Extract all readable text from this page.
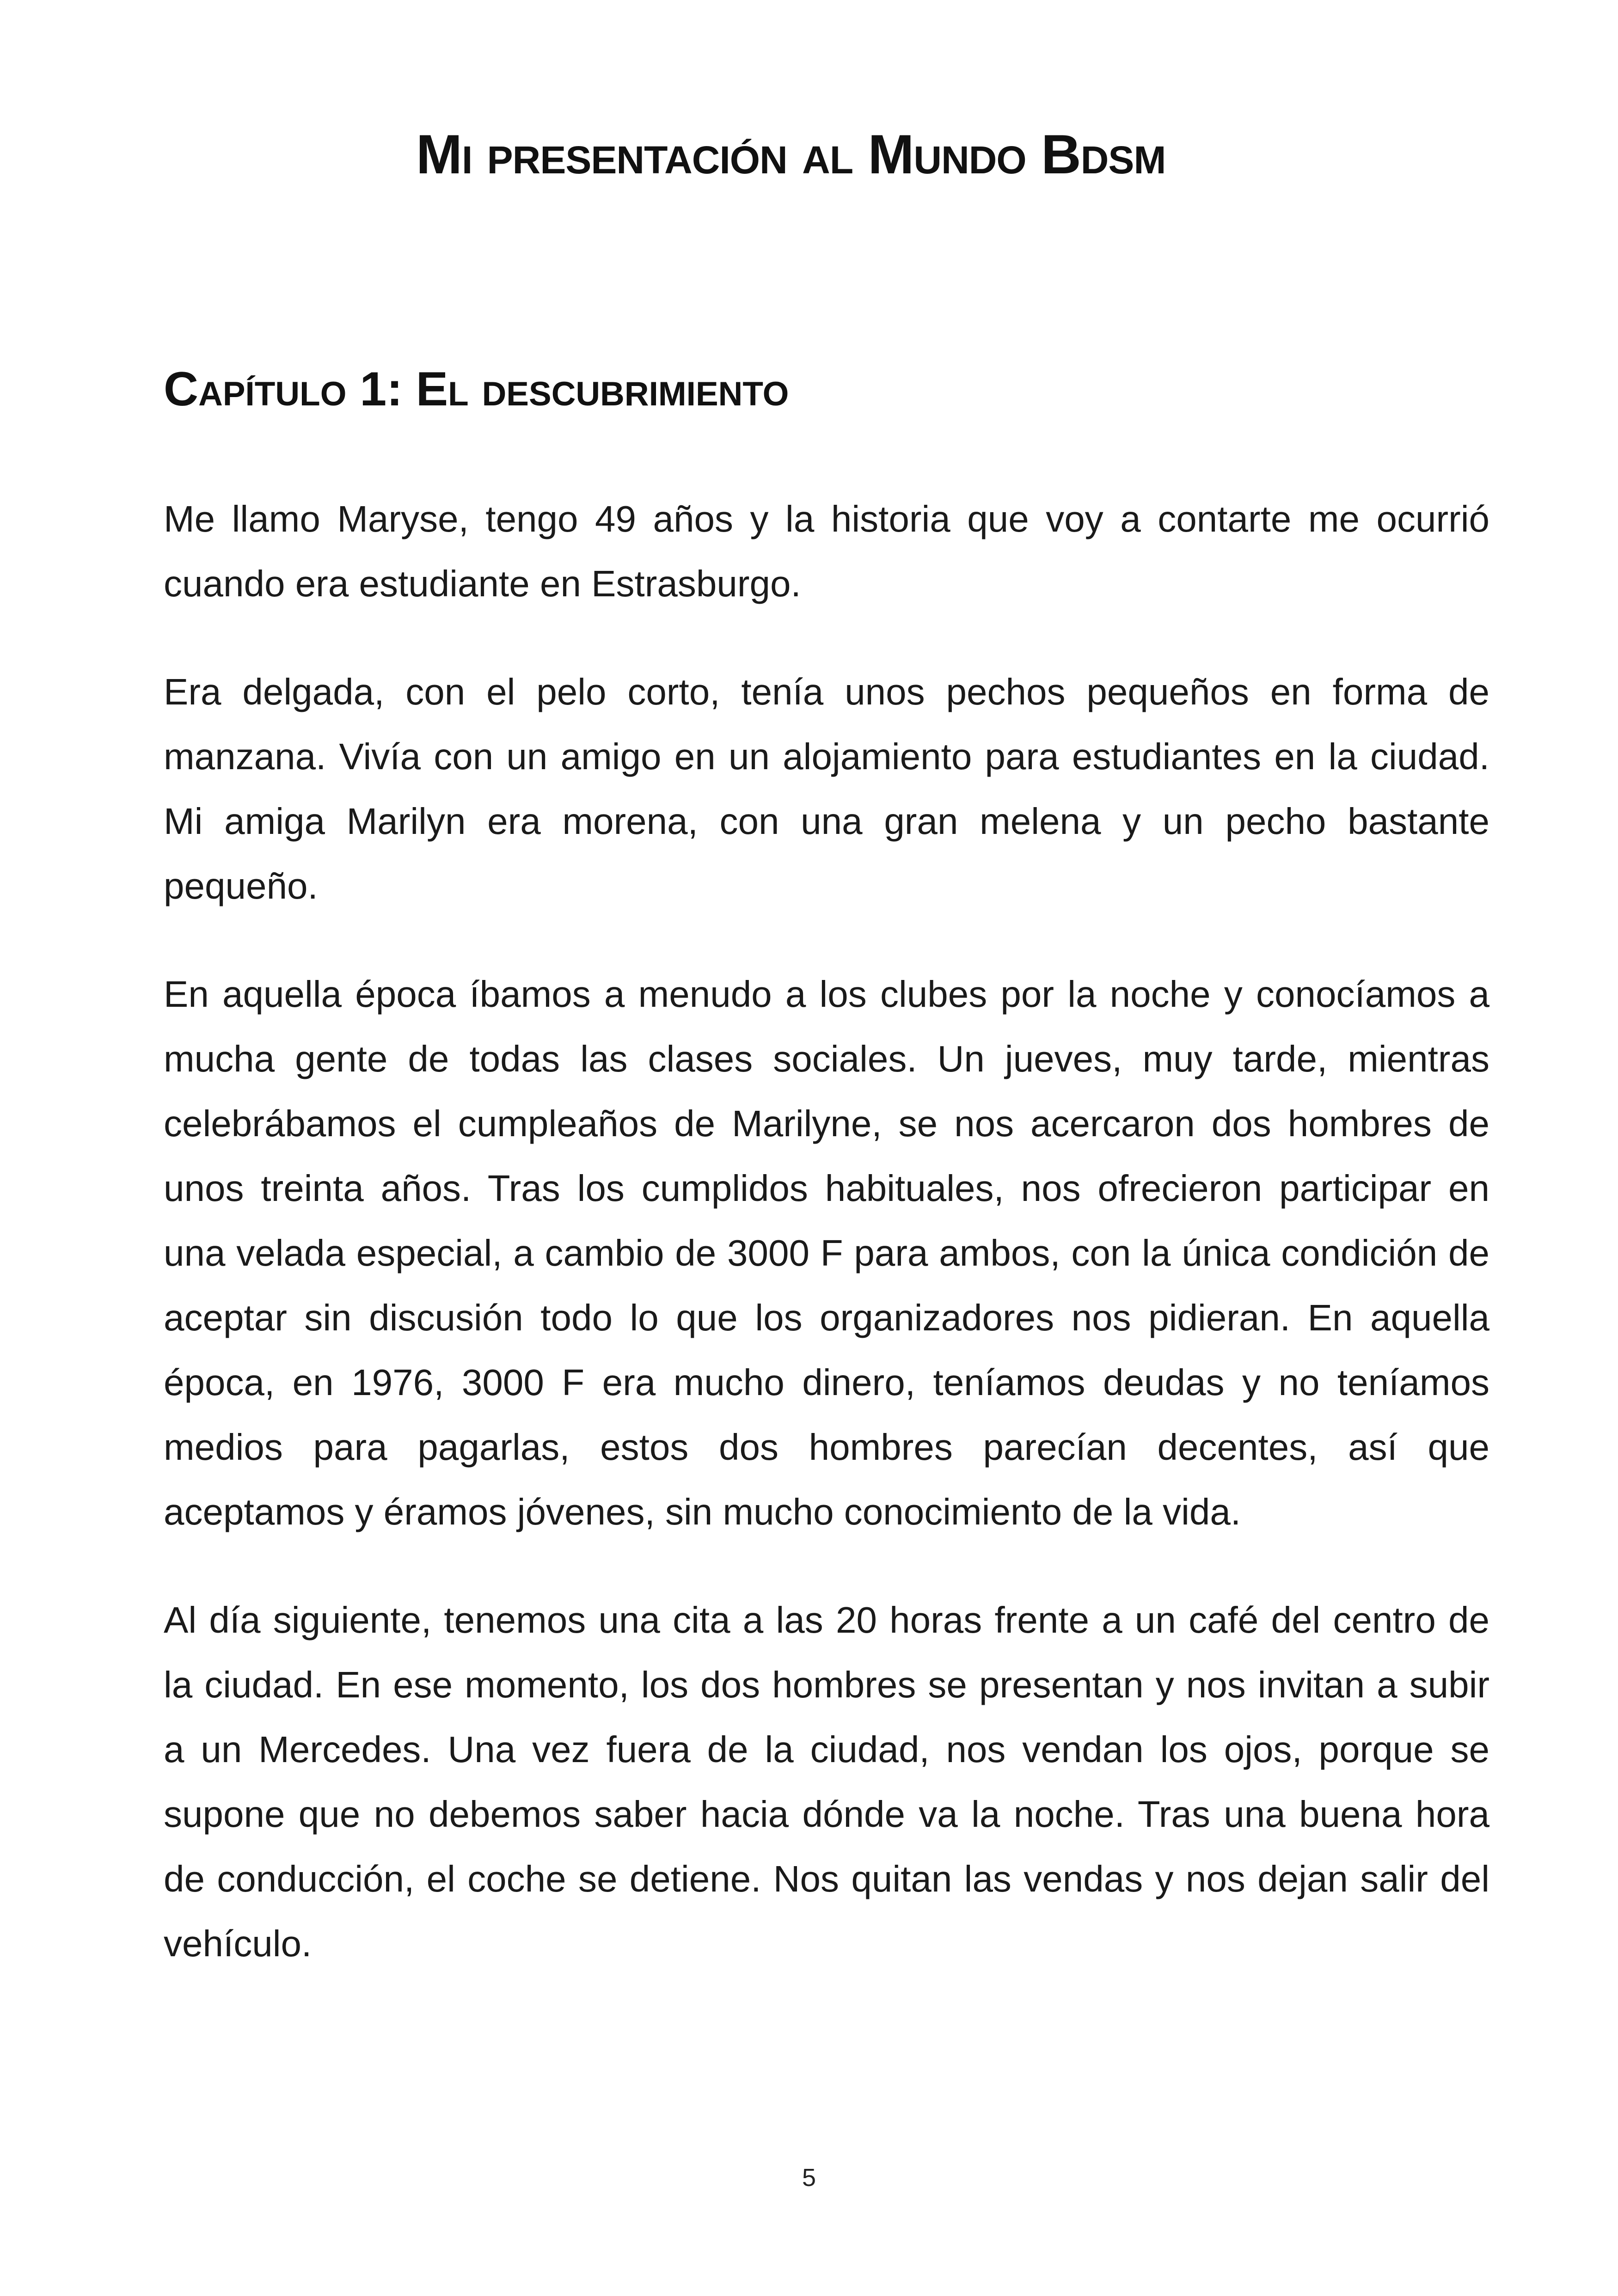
Mi presentación al Mundo Bdsm
Capítulo 1: El descubrimiento

Me llamo Maryse, tengo 49 años y la historia que voy a contarte me ocurrió cuando era estudiante en Estrasburgo.

Era delgada, con el pelo corto, tenía unos pechos pequeños en forma de manzana. Vivía con un amigo en un alojamiento para estudiantes en la ciudad. Mi amiga Marilyn era morena, con una gran melena y un pecho bastante pequeño.

En aquella época íbamos a menudo a los clubes por la noche y conocíamos a mucha gente de todas las clases sociales. Un jueves, muy tarde, mientras celebrábamos el cumpleaños de Marilyne, se nos acercaron dos hombres de unos treinta años. Tras los cumplidos habituales, nos ofrecieron participar en una velada especial, a cambio de 3000 F para ambos, con la única condición de aceptar sin discusión todo lo que los organizadores nos pidieran. En aquella época, en 1976, 3000 F era mucho dinero, teníamos deudas y no teníamos medios para pagarlas, estos dos hombres parecían decentes, así que aceptamos y éramos jóvenes, sin mucho conocimiento de la vida.

Al día siguiente, tenemos una cita a las 20 horas frente a un café del centro de la ciudad. En ese momento, los dos hombres se presentan y nos invitan a subir a un Mercedes. Una vez fuera de la ciudad, nos vendan los ojos, porque se supone que no debemos saber hacia dónde va la noche. Tras una buena hora de conducción, el coche se detiene. Nos quitan las vendas y nos dejan salir del vehículo.

5
